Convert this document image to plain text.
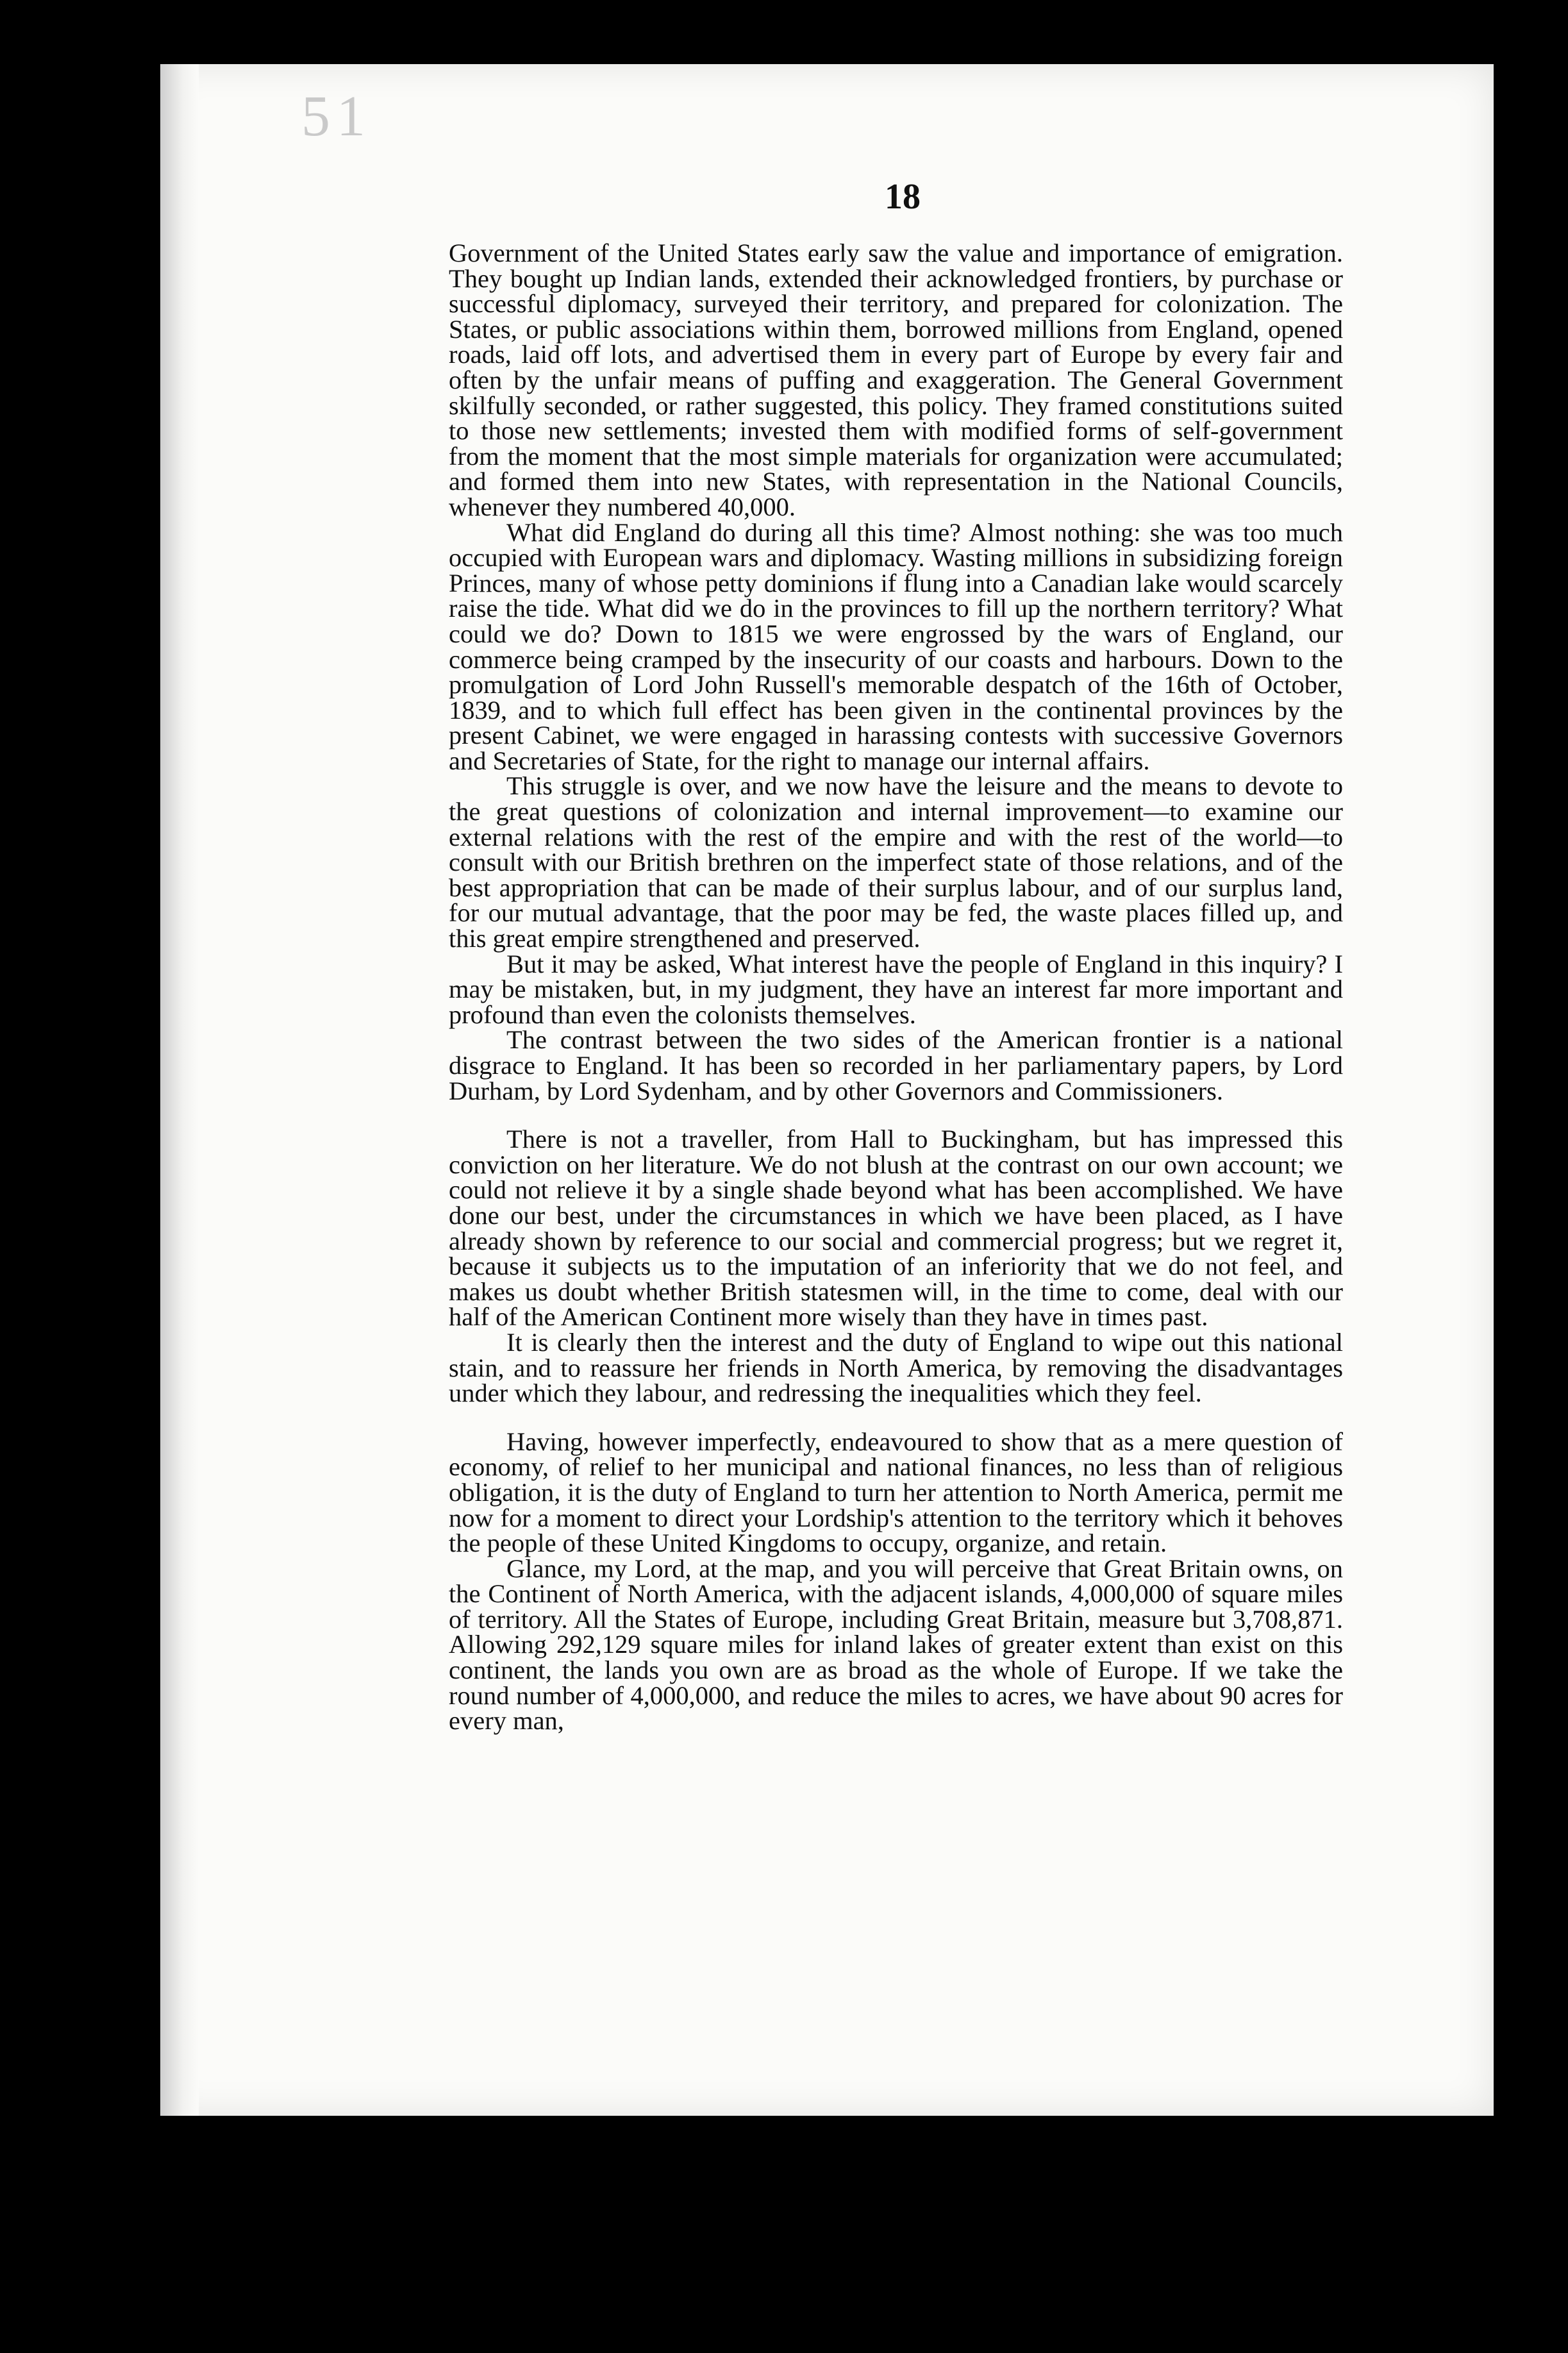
51
18

Government of the United States early saw the value and importance of emigration. They bought up Indian lands, extended their acknowledged frontiers, by purchase or successful diplomacy, surveyed their territory, and prepared for colonization. The States, or public associations within them, borrowed millions from England, opened roads, laid off lots, and advertised them in every part of Europe by every fair and often by the unfair means of puffing and exaggeration. The General Government skilfully seconded, or rather suggested, this policy. They framed constitutions suited to those new settlements; invested them with modified forms of self-government from the moment that the most simple materials for organization were accumulated; and formed them into new States, with representation in the National Councils, whenever they numbered 40,000.

What did England do during all this time? Almost nothing: she was too much occupied with European wars and diplomacy. Wasting millions in subsidizing foreign Princes, many of whose petty dominions if flung into a Canadian lake would scarcely raise the tide. What did we do in the provinces to fill up the northern territory? What could we do? Down to 1815 we were engrossed by the wars of England, our commerce being cramped by the insecurity of our coasts and harbours. Down to the promulgation of Lord John Russell's memorable despatch of the 16th of October, 1839, and to which full effect has been given in the continental provinces by the present Cabinet, we were engaged in harassing contests with successive Governors and Secretaries of State, for the right to manage our internal affairs.

This struggle is over, and we now have the leisure and the means to devote to the great questions of colonization and internal improvement—to examine our external relations with the rest of the empire and with the rest of the world—to consult with our British brethren on the imperfect state of those relations, and of the best appropriation that can be made of their surplus labour, and of our surplus land, for our mutual advantage, that the poor may be fed, the waste places filled up, and this great empire strengthened and preserved.

But it may be asked, What interest have the people of England in this inquiry? I may be mistaken, but, in my judgment, they have an interest far more important and profound than even the colonists themselves.

The contrast between the two sides of the American frontier is a national disgrace to England. It has been so recorded in her parliamentary papers, by Lord Durham, by Lord Sydenham, and by other Governors and Commissioners.

There is not a traveller, from Hall to Buckingham, but has impressed this conviction on her literature. We do not blush at the contrast on our own account; we could not relieve it by a single shade beyond what has been accomplished. We have done our best, under the circumstances in which we have been placed, as I have already shown by reference to our social and commercial progress; but we regret it, because it subjects us to the imputation of an inferiority that we do not feel, and makes us doubt whether British statesmen will, in the time to come, deal with our half of the American Continent more wisely than they have in times past.

It is clearly then the interest and the duty of England to wipe out this national stain, and to reassure her friends in North America, by removing the disadvantages under which they labour, and redressing the inequalities which they feel.

Having, however imperfectly, endeavoured to show that as a mere question of economy, of relief to her municipal and national finances, no less than of religious obligation, it is the duty of England to turn her attention to North America, permit me now for a moment to direct your Lordship's attention to the territory which it behoves the people of these United Kingdoms to occupy, organize, and retain.

Glance, my Lord, at the map, and you will perceive that Great Britain owns, on the Continent of North America, with the adjacent islands, 4,000,000 of square miles of territory. All the States of Europe, including Great Britain, measure but 3,708,871. Allowing 292,129 square miles for inland lakes of greater extent than exist on this continent, the lands you own are as broad as the whole of Europe. If we take the round number of 4,000,000, and reduce the miles to acres, we have about 90 acres for every man,
